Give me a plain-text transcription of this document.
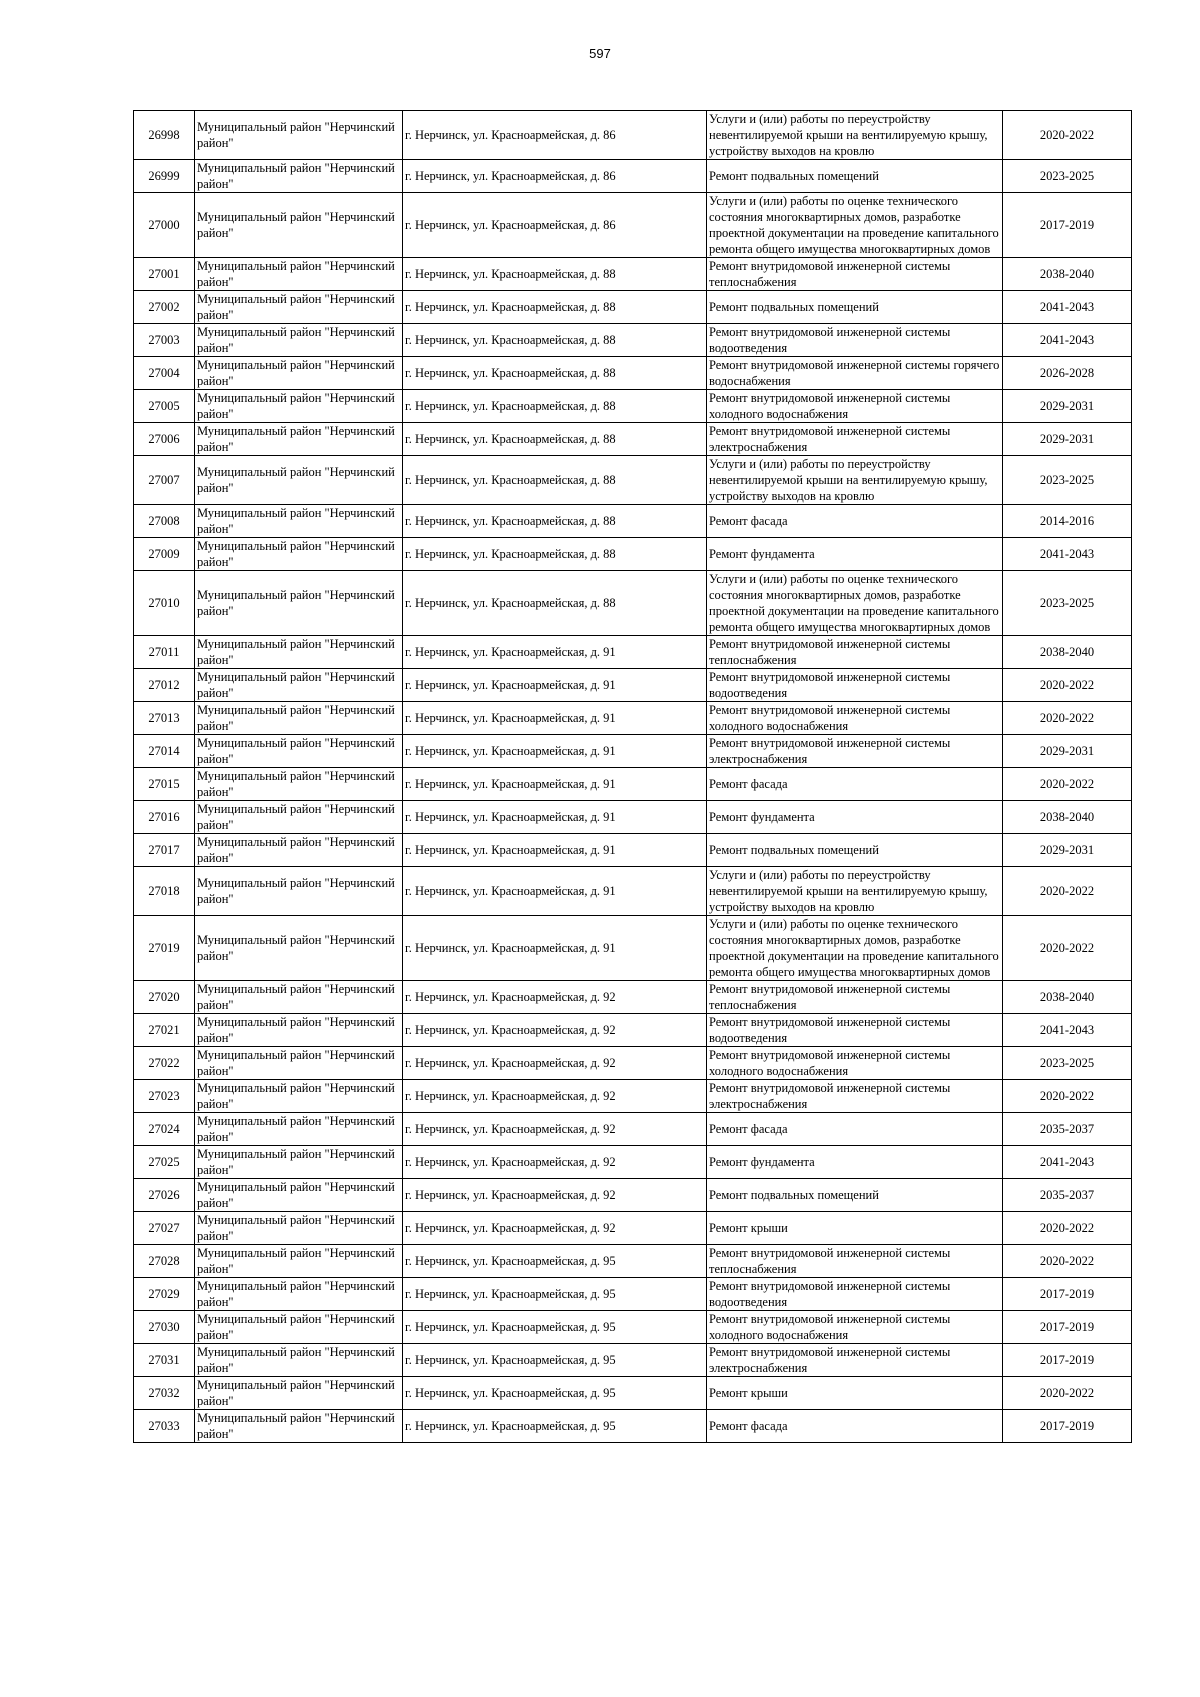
597
26998	Муниципальный район "Нерчинский район"	г. Нерчинск, ул. Красноармейская, д. 86	Услуги и (или) работы по переустройству невентилируемой крыши на вентилируемую крышу, устройству выходов на кровлю	2020-2022
26999	Муниципальный район "Нерчинский район"	г. Нерчинск, ул. Красноармейская, д. 86	Ремонт подвальных помещений	2023-2025
27000	Муниципальный район "Нерчинский район"	г. Нерчинск, ул. Красноармейская, д. 86	Услуги и (или) работы по оценке технического состояния многоквартирных домов, разработке проектной документации на проведение капитального ремонта общего имущества многоквартирных домов	2017-2019
27001	Муниципальный район "Нерчинский район"	г. Нерчинск, ул. Красноармейская, д. 88	Ремонт внутридомовой инженерной системы теплоснабжения	2038-2040
27002	Муниципальный район "Нерчинский район"	г. Нерчинск, ул. Красноармейская, д. 88	Ремонт подвальных помещений	2041-2043
27003	Муниципальный район "Нерчинский район"	г. Нерчинск, ул. Красноармейская, д. 88	Ремонт внутридомовой инженерной системы водоотведения	2041-2043
27004	Муниципальный район "Нерчинский район"	г. Нерчинск, ул. Красноармейская, д. 88	Ремонт внутридомовой инженерной системы горячего водоснабжения	2026-2028
27005	Муниципальный район "Нерчинский район"	г. Нерчинск, ул. Красноармейская, д. 88	Ремонт внутридомовой инженерной системы холодного водоснабжения	2029-2031
27006	Муниципальный район "Нерчинский район"	г. Нерчинск, ул. Красноармейская, д. 88	Ремонт внутридомовой инженерной системы электроснабжения	2029-2031
27007	Муниципальный район "Нерчинский район"	г. Нерчинск, ул. Красноармейская, д. 88	Услуги и (или) работы по переустройству невентилируемой крыши на вентилируемую крышу, устройству выходов на кровлю	2023-2025
27008	Муниципальный район "Нерчинский район"	г. Нерчинск, ул. Красноармейская, д. 88	Ремонт фасада	2014-2016
27009	Муниципальный район "Нерчинский район"	г. Нерчинск, ул. Красноармейская, д. 88	Ремонт фундамента	2041-2043
27010	Муниципальный район "Нерчинский район"	г. Нерчинск, ул. Красноармейская, д. 88	Услуги и (или) работы по оценке технического состояния многоквартирных домов, разработке проектной документации на проведение капитального ремонта общего имущества многоквартирных домов	2023-2025
27011	Муниципальный район "Нерчинский район"	г. Нерчинск, ул. Красноармейская, д. 91	Ремонт внутридомовой инженерной системы теплоснабжения	2038-2040
27012	Муниципальный район "Нерчинский район"	г. Нерчинск, ул. Красноармейская, д. 91	Ремонт внутридомовой инженерной системы водоотведения	2020-2022
27013	Муниципальный район "Нерчинский район"	г. Нерчинск, ул. Красноармейская, д. 91	Ремонт внутридомовой инженерной системы холодного водоснабжения	2020-2022
27014	Муниципальный район "Нерчинский район"	г. Нерчинск, ул. Красноармейская, д. 91	Ремонт внутридомовой инженерной системы электроснабжения	2029-2031
27015	Муниципальный район "Нерчинский район"	г. Нерчинск, ул. Красноармейская, д. 91	Ремонт фасада	2020-2022
27016	Муниципальный район "Нерчинский район"	г. Нерчинск, ул. Красноармейская, д. 91	Ремонт фундамента	2038-2040
27017	Муниципальный район "Нерчинский район"	г. Нерчинск, ул. Красноармейская, д. 91	Ремонт подвальных помещений	2029-2031
27018	Муниципальный район "Нерчинский район"	г. Нерчинск, ул. Красноармейская, д. 91	Услуги и (или) работы по переустройству невентилируемой крыши на вентилируемую крышу, устройству выходов на кровлю	2020-2022
27019	Муниципальный район "Нерчинский район"	г. Нерчинск, ул. Красноармейская, д. 91	Услуги и (или) работы по оценке технического состояния многоквартирных домов, разработке проектной документации на проведение капитального ремонта общего имущества многоквартирных домов	2020-2022
27020	Муниципальный район "Нерчинский район"	г. Нерчинск, ул. Красноармейская, д. 92	Ремонт внутридомовой инженерной системы теплоснабжения	2038-2040
27021	Муниципальный район "Нерчинский район"	г. Нерчинск, ул. Красноармейская, д. 92	Ремонт внутридомовой инженерной системы водоотведения	2041-2043
27022	Муниципальный район "Нерчинский район"	г. Нерчинск, ул. Красноармейская, д. 92	Ремонт внутридомовой инженерной системы холодного водоснабжения	2023-2025
27023	Муниципальный район "Нерчинский район"	г. Нерчинск, ул. Красноармейская, д. 92	Ремонт внутридомовой инженерной системы электроснабжения	2020-2022
27024	Муниципальный район "Нерчинский район"	г. Нерчинск, ул. Красноармейская, д. 92	Ремонт фасада	2035-2037
27025	Муниципальный район "Нерчинский район"	г. Нерчинск, ул. Красноармейская, д. 92	Ремонт фундамента	2041-2043
27026	Муниципальный район "Нерчинский район"	г. Нерчинск, ул. Красноармейская, д. 92	Ремонт подвальных помещений	2035-2037
27027	Муниципальный район "Нерчинский район"	г. Нерчинск, ул. Красноармейская, д. 92	Ремонт крыши	2020-2022
27028	Муниципальный район "Нерчинский район"	г. Нерчинск, ул. Красноармейская, д. 95	Ремонт внутридомовой инженерной системы теплоснабжения	2020-2022
27029	Муниципальный район "Нерчинский район"	г. Нерчинск, ул. Красноармейская, д. 95	Ремонт внутридомовой инженерной системы водоотведения	2017-2019
27030	Муниципальный район "Нерчинский район"	г. Нерчинск, ул. Красноармейская, д. 95	Ремонт внутридомовой инженерной системы холодного водоснабжения	2017-2019
27031	Муниципальный район "Нерчинский район"	г. Нерчинск, ул. Красноармейская, д. 95	Ремонт внутридомовой инженерной системы электроснабжения	2017-2019
27032	Муниципальный район "Нерчинский район"	г. Нерчинск, ул. Красноармейская, д. 95	Ремонт крыши	2020-2022
27033	Муниципальный район "Нерчинский район"	г. Нерчинск, ул. Красноармейская, д. 95	Ремонт фасада	2017-2019
